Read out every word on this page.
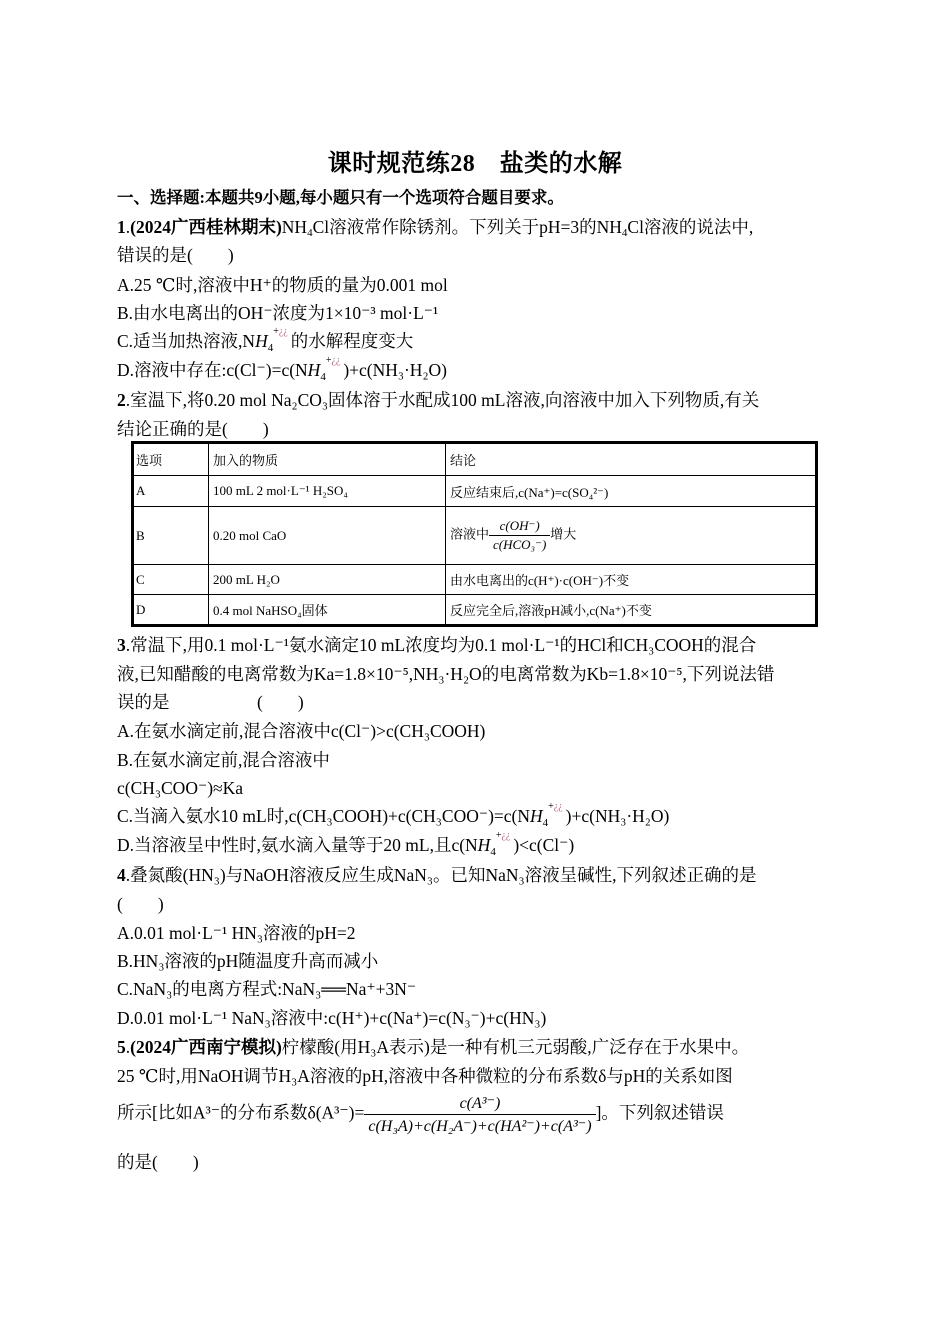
课时规范练28　盐类的水解
一、选择题:本题共9小题,每小题只有一个选项符合题目要求。
1.(2024广西桂林期末)$NH_4Cl$溶液常作除锈剂。下列关于pH=3的$NH_4Cl$溶液的说法中,
错误的是(　　)
A.25 ℃时,溶液中H⁺的物质的量为0.001 mol
B.由水电离出的OH⁻浓度为1×10⁻³ mol·L⁻¹
C.适当加热溶液$,NH_4$
+¿¿ 的水解程度变大
D.溶液中存在$:c(Cl^-)=c(NH_4$
+¿¿ )+c(NH₃·H₂O)
2.室温下,将0.20 mol Na₂CO₃固体溶于水配成100 mL溶液,向溶液中加入下列物质,有关
结论正确的是(　　)
选项	加入的物质	结论
A	100 mL 2 mol·L⁻¹ H₂SO₄	反应结束后,c(Na⁺)=c(SO₄²⁻)
B	0.20 mol CaO	溶液中 $\frac{c(OH^-)}{\text{c(HCO₃⁻)}}$ 增大
C	200 mL H₂O	由水电离出的c(H⁺)·c(OH⁻)不变
D	0.4 mol NaHSO₄固体	反应完全后,溶液pH减小,c(Na⁺)不变
3.常温下,用0.1 mol·L⁻¹氨水滴定10 mL浓度均为0.1 mol·L⁻¹的HCl和CH₃COOH的混合
液,已知醋酸的电离常数为Ka=1.8×10⁻⁵,NH₃·H₂O的电离常数为Kb=1.8×10⁻⁵,下列说法错
误的是　　　　　(　　)
A.在氨水滴定前,混合溶液中c(Cl⁻)>c(CH₃COOH)
B.在氨水滴定前,混合溶液中
c(CH₃COO⁻)≈Ka
C.当滴入氨水10 mL时$,c(CH_3COOH)+c(CH_3COO^-)=c(NH_4$
+¿¿ )+c(NH₃·H₂O)
D.当溶液呈中性时,氨水滴入量等于20 mL,且$c(NH_4$
+¿¿ )<c(Cl⁻)
4.叠氮酸(HN₃)与NaOH溶液反应生成NaN₃。已知NaN₃溶液呈碱性,下列叙述正确的是
(　　)
A.0.01 mol·L⁻¹ HN₃溶液的pH=2
B.HN₃溶液的pH随温度升高而减小
C.NaN₃的电离方程式:NaN₃══Na⁺+3N⁻
D.0.01 mol·L⁻¹ NaN₃溶液中:c(H⁺)+c(Na⁺)=c(N₃⁻)+c(HN₃)
5.(2024广西南宁模拟)柠檬酸(用H₃A表示)是一种有机三元弱酸,广泛存在于水果中。
25 ℃时,用NaOH调节H₃A溶液的pH,溶液中各种微粒的分布系数δ与pH的关系如图
所示[比如A³⁻的分布系数$\delta(A^{3-})= \frac{\text{c(A³⁻)}}{\text{c(H₃A)+c(H₂A⁻)+c(HA²⁻)+c(A³⁻)}}$ ]。下列叙述错误
的是(　　)
